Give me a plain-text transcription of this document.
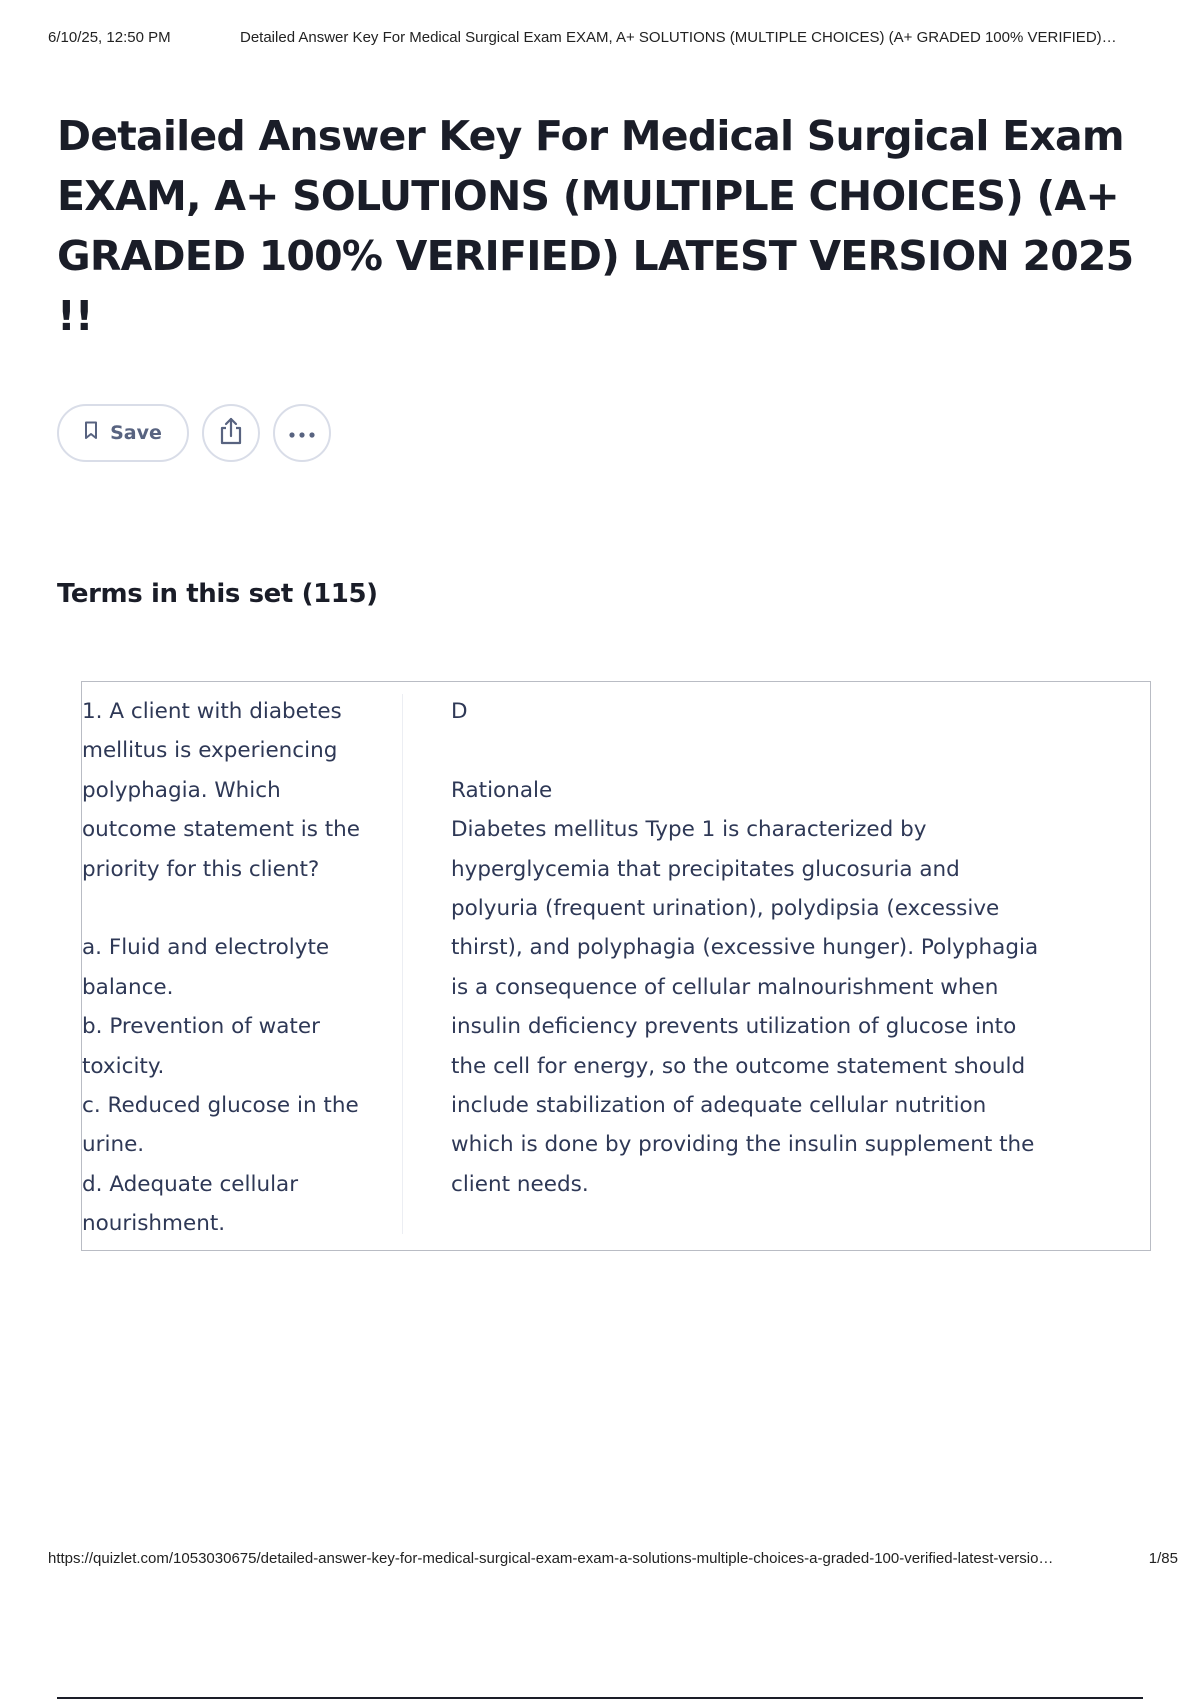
6/10/25, 12:50 PM	Detailed Answer Key For Medical Surgical Exam EXAM, A+ SOLUTIONS (MULTIPLE CHOICES) (A+ GRADED 100% VERIFIED)…
Detailed Answer Key For Medical Surgical Exam EXAM, A+ SOLUTIONS (MULTIPLE CHOICES) (A+ GRADED 100% VERIFIED) LATEST VERSION 2025 !!
Save
Terms in this set (115)
1. A client with diabetes
mellitus is experiencing
polyphagia. Which
outcome statement is the
priority for this client?

a. Fluid and electrolyte
balance.
b. Prevention of water
toxicity.
c. Reduced glucose in the
urine.
d. Adequate cellular
nourishment.
D

Rationale
Diabetes mellitus Type 1 is characterized by
hyperglycemia that precipitates glucosuria and
polyuria (frequent urination), polydipsia (excessive
thirst), and polyphagia (excessive hunger). Polyphagia
is a consequence of cellular malnourishment when
insulin deficiency prevents utilization of glucose into
the cell for energy, so the outcome statement should
include stabilization of adequate cellular nutrition
which is done by providing the insulin supplement the
client needs.
https://quizlet.com/1053030675/detailed-answer-key-for-medical-surgical-exam-exam-a-solutions-multiple-choices-a-graded-100-verified-latest-versio…	1/85
